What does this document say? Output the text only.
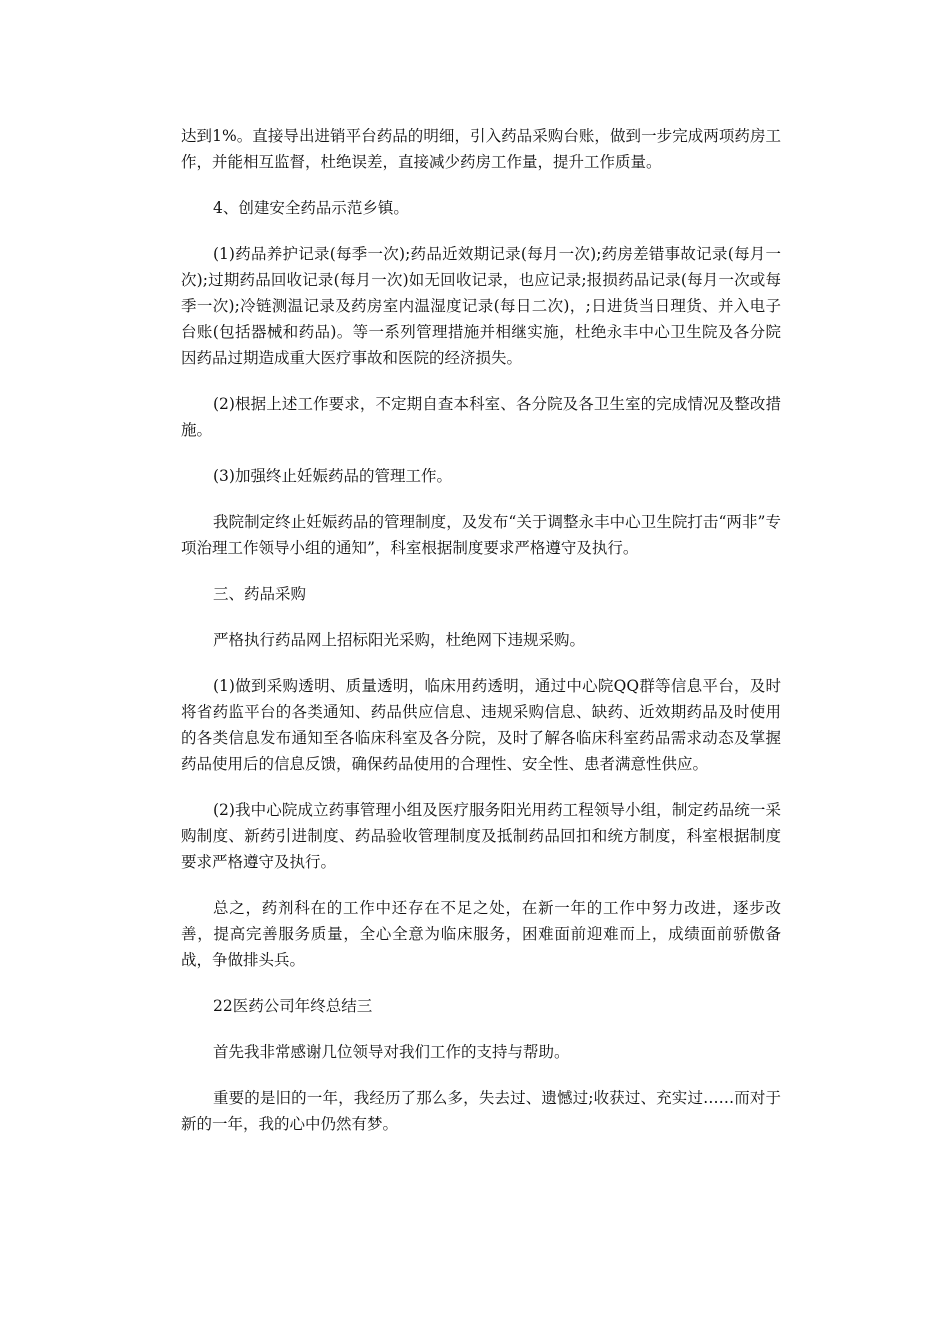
达到1%。直接导出进销平台药品的明细，引入药品采购台账，做到一步完成两项药房工作，并能相互监督，杜绝误差，直接减少药房工作量，提升工作质量。

4、创建安全药品示范乡镇。

(1)药品养护记录(每季一次);药品近效期记录(每月一次);药房差错事故记录(每月一次);过期药品回收记录(每月一次)如无回收记录，也应记录;报损药品记录(每月一次或每季一次);冷链测温记录及药房室内温湿度记录(每日二次)，;日进货当日理货、并入电子台账(包括器械和药品)。等一系列管理措施并相继实施，杜绝永丰中心卫生院及各分院因药品过期造成重大医疗事故和医院的经济损失。

(2)根据上述工作要求，不定期自查本科室、各分院及各卫生室的完成情况及整改措施。

(3)加强终止妊娠药品的管理工作。

我院制定终止妊娠药品的管理制度，及发布“关于调整永丰中心卫生院打击“两非”专项治理工作领导小组的通知”，科室根据制度要求严格遵守及执行。

三、药品采购

严格执行药品网上招标阳光采购，杜绝网下违规采购。

(1)做到采购透明、质量透明，临床用药透明，通过中心院QQ群等信息平台，及时将省药监平台的各类通知、药品供应信息、违规采购信息、缺药、近效期药品及时使用的各类信息发布通知至各临床科室及各分院，及时了解各临床科室药品需求动态及掌握药品使用后的信息反馈，确保药品使用的合理性、安全性、患者满意性供应。

(2)我中心院成立药事管理小组及医疗服务阳光用药工程领导小组，制定药品统一采购制度、新药引进制度、药品验收管理制度及抵制药品回扣和统方制度，科室根据制度要求严格遵守及执行。

总之，药剂科在的工作中还存在不足之处，在新一年的工作中努力改进，逐步改善，提高完善服务质量，全心全意为临床服务，困难面前迎难而上，成绩面前骄傲备战，争做排头兵。

22医药公司年终总结三

首先我非常感谢几位领导对我们工作的支持与帮助。

重要的是旧的一年，我经历了那么多，失去过、遗憾过;收获过、充实过……而对于新的一年，我的心中仍然有梦。
